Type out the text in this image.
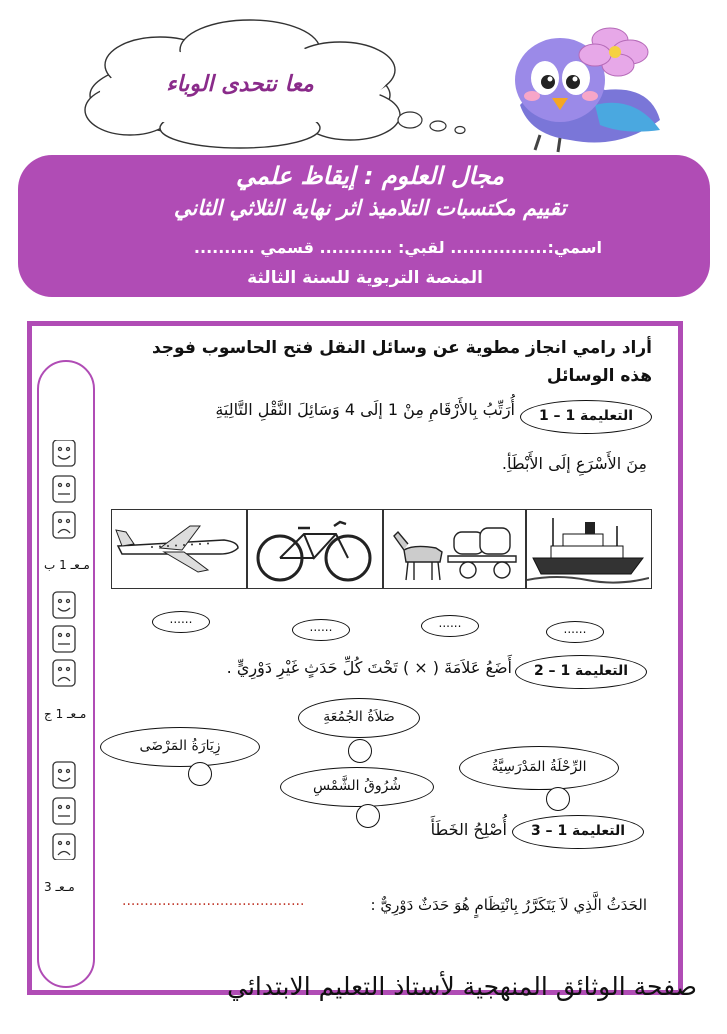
معا نتحدى الوباء
مجال العلوم : إيقاظ علمي
تقييم مكتسبات التلاميذ اثر نهاية الثلاثي الثاني
اسمي:................ لقبي: ............ قسمي ..........
المنصة التربوية للسنة الثالثة
مـعـ 1 ب
مـعـ 1 ج
مـعـ 3
أراد رامي انجاز مطوية عن وسائل النقل فتح الحاسوب فوجد
هذه الوسائل
التعليمة 1 – 1
أُرَتِّبُ بِالأَرْقَامِ مِنْ 1 إلَى 4 وَسَائِلَ النَّقْلِ التَّالِيَةِ
مِنَ الأَسْرَعِ إلَى الأَبْطَأِ.
......
......	......	......
التعليمة 1 – 2
أَضَعُ عَلاَمَةَ ( × ) تَحْتَ كُلِّ حَدَثٍ غَيْرِ دَوْرِيٍّ .
صَلاَةُ الجُمُعَةِ
زِيَارَةُ المَرْضَى
الرِّحْلَةُ المَدْرَسِيَّةُ
شُرُوقُ الشَّمْسِ
التعليمة 1 – 3
أُصْلِحُ الخَطَأَ
الحَدَثُ الَّذِي لاَ يَتَكَرَّرُ بِانْتِظَامٍ هُوَ حَدَثٌ دَوْرِيٌّ :
.........................................
صفحة الوثائق المنهجية لأستاذ التعليم الابتدائي
